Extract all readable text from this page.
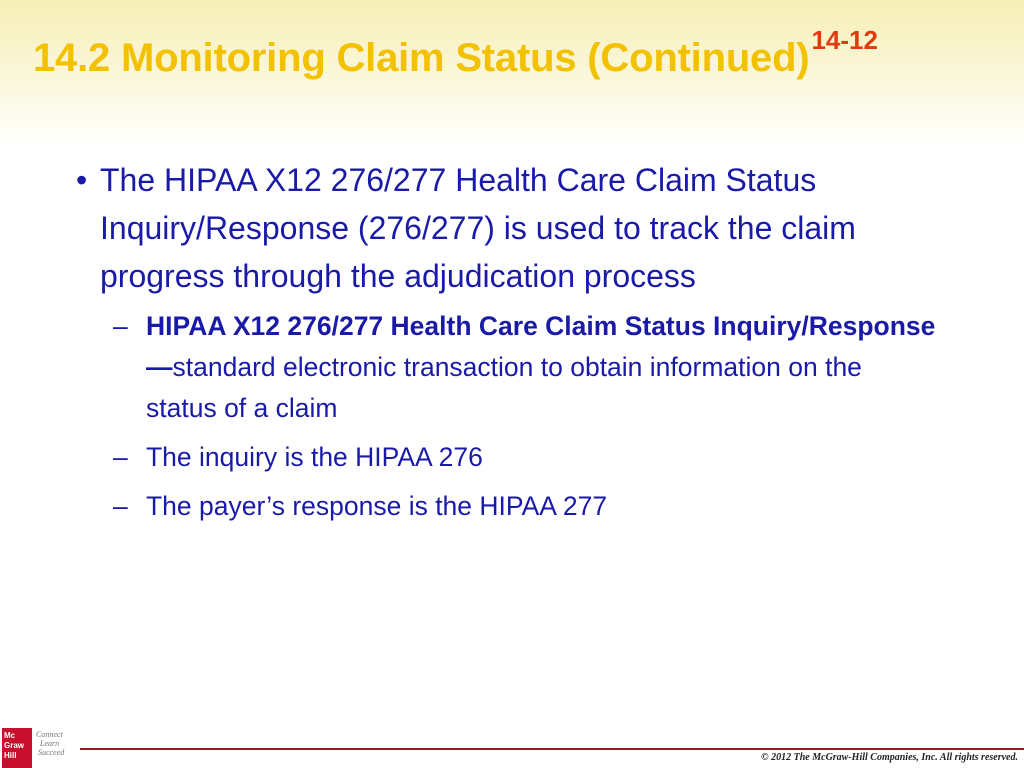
14.2 Monitoring Claim Status (Continued)14-12
• The HIPAA X12 276/277 Health Care Claim Status Inquiry/Response (276/277) is used to track the claim progress through the adjudication process
– HIPAA X12 276/277 Health Care Claim Status Inquiry/Response—standard electronic transaction to obtain information on the status of a claim
– The inquiry is the HIPAA 276
– The payer’s response is the HIPAA 277
Mc
Graw
Hill
Connect
Learn
Succeed	© 2012 The McGraw-Hill Companies, Inc. All rights reserved.
